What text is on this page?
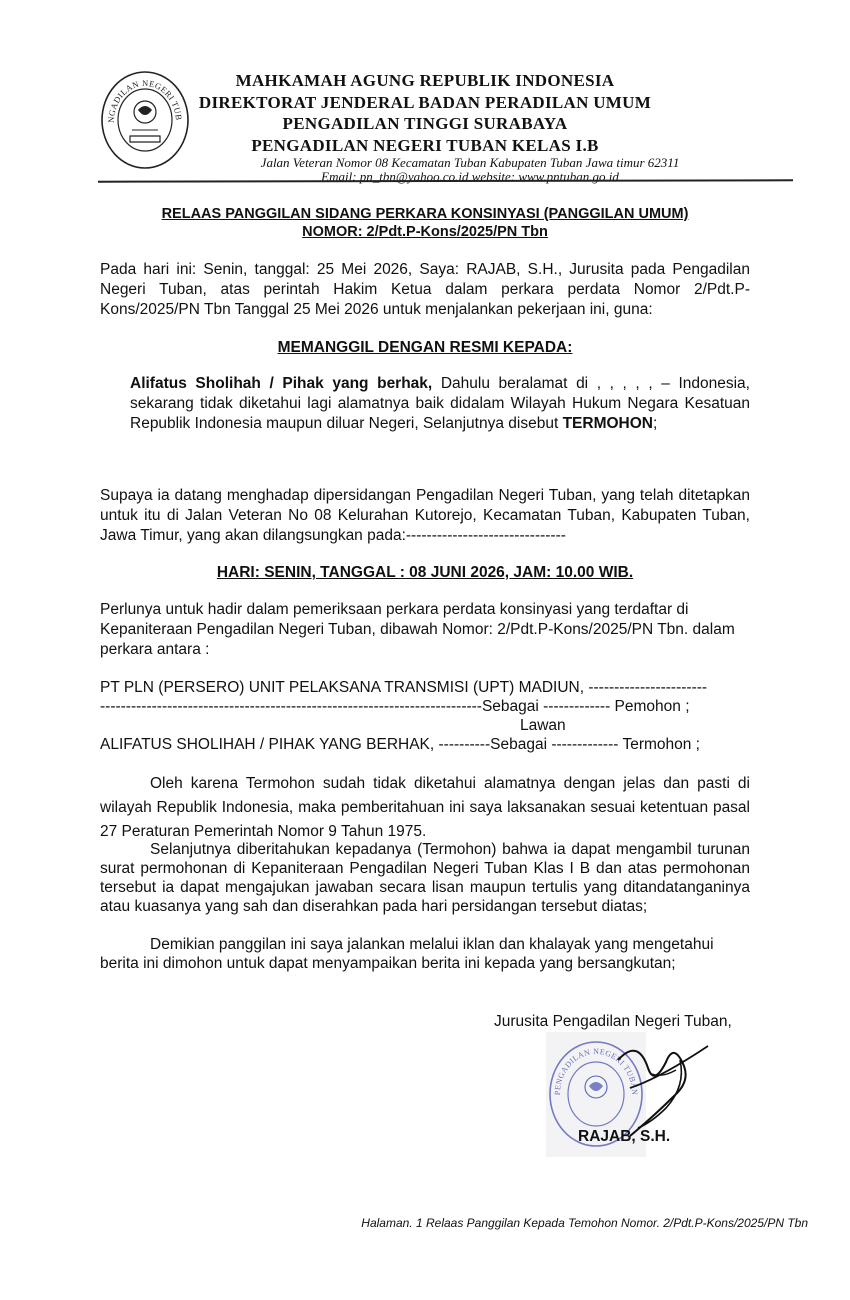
NGADILAN NEGERI TUB
MAHKAMAH AGUNG REPUBLIK INDONESIA
DIREKTORAT JENDERAL BADAN PERADILAN UMUM
PENGADILAN TINGGI SURABAYA
PENGADILAN NEGERI TUBAN KELAS I.B
Jalan Veteran Nomor 08 Kecamatan Tuban Kabupaten Tuban Jawa timur 62311
Email: pn_tbn@yahoo.co.id website: www.pntuban.go.id
RELAAS PANGGILAN SIDANG PERKARA KONSINYASI (PANGGILAN UMUM)
NOMOR: 2/Pdt.P-Kons/2025/PN Tbn
Pada hari ini: Senin, tanggal: 25 Mei 2026, Saya: RAJAB, S.H., Jurusita pada Pengadilan Negeri Tuban, atas perintah Hakim Ketua dalam perkara perdata Nomor 2/Pdt.P-Kons/2025/PN Tbn Tanggal 25 Mei 2026 untuk menjalankan pekerjaan ini, guna:
MEMANGGIL DENGAN RESMI KEPADA:
Alifatus Sholihah / Pihak yang berhak, Dahulu beralamat di , , , , , – Indonesia, sekarang tidak diketahui lagi alamatnya baik didalam Wilayah Hukum Negara Kesatuan Republik Indonesia maupun diluar Negeri, Selanjutnya disebut TERMOHON;
Supaya ia datang menghadap dipersidangan Pengadilan Negeri Tuban, yang telah ditetapkan untuk itu di Jalan Veteran No 08 Kelurahan Kutorejo, Kecamatan Tuban, Kabupaten Tuban, Jawa Timur, yang akan dilangsungkan pada:-------------------------------
HARI: SENIN, TANGGAL : 08 JUNI 2026, JAM: 10.00 WIB.
Perlunya untuk hadir dalam pemeriksaan perkara perdata konsinyasi yang terdaftar di Kepaniteraan Pengadilan Negeri Tuban, dibawah Nomor: 2/Pdt.P-Kons/2025/PN Tbn. dalam perkara antara :
PT PLN (PERSERO) UNIT PELAKSANA TRANSMISI (UPT) MADIUN, -----------------------
--------------------------------------------------------------------------Sebagai ------------- Pemohon ;
Lawan
ALIFATUS SHOLIHAH / PIHAK YANG BERHAK, ----------Sebagai ------------- Termohon ;
Oleh karena Termohon sudah tidak diketahui alamatnya dengan jelas dan pasti di wilayah Republik Indonesia, maka pemberitahuan ini saya laksanakan sesuai ketentuan pasal 27 Peraturan Pemerintah Nomor 9 Tahun 1975.
Selanjutnya diberitahukan kepadanya (Termohon) bahwa ia dapat mengambil turunan surat permohonan di Kepaniteraan Pengadilan Negeri Tuban Klas I B dan atas permohonan tersebut ia dapat mengajukan jawaban secara lisan maupun tertulis yang ditandatanganinya atau kuasanya yang sah dan diserahkan pada hari persidangan tersebut diatas;
Demikian panggilan ini saya jalankan melalui iklan dan khalayak yang mengetahui berita ini dimohon untuk dapat menyampaikan berita ini kepada yang bersangkutan;
Jurusita Pengadilan Negeri Tuban,
PENGADILAN NEGERI TUBAN
RAJAB, S.H.
Halaman. 1 Relaas Panggilan Kepada Temohon Nomor. 2/Pdt.P-Kons/2025/PN Tbn
